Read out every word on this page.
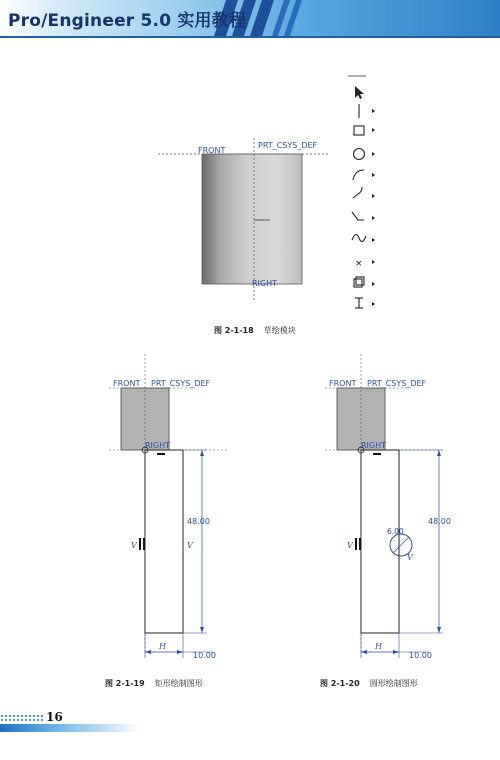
Pro/Engineer 5.0 实用教程
FRONT
PRT_CSYS_DEF
RIGHT
×
图 2-1-18 草绘模块
FRONT PRT_CSYS_DEF
RIGHT
48.00
10.00
H
V	V
图 2-1-19 矩形绘制图形
FRONT PRT_CSYS_DEF
RIGHT
6.00
V
48.00
10.00
H
V
图 2-1-20 圆形绘制图形
16
